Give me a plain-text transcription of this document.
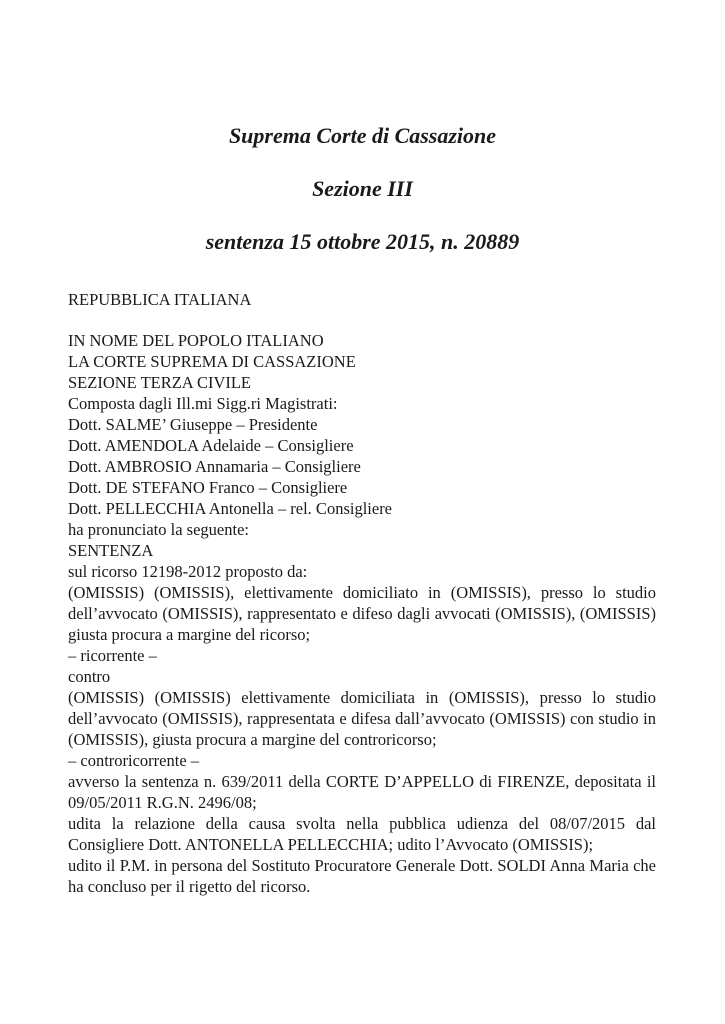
Suprema Corte di Cassazione
Sezione III
sentenza 15 ottobre 2015, n. 20889
REPUBBLICA ITALIANA
IN NOME DEL POPOLO ITALIANO
LA CORTE SUPREMA DI CASSAZIONE
SEZIONE TERZA CIVILE
Composta dagli Ill.mi Sigg.ri Magistrati:
Dott. SALME’ Giuseppe – Presidente
Dott. AMENDOLA Adelaide – Consigliere
Dott. AMBROSIO Annamaria – Consigliere
Dott. DE STEFANO Franco – Consigliere
Dott. PELLECCHIA Antonella – rel. Consigliere
ha pronunciato la seguente:
SENTENZA
sul ricorso 12198-2012 proposto da:
(OMISSIS) (OMISSIS), elettivamente domiciliato in (OMISSIS), presso lo studio dell’avvocato (OMISSIS), rappresentato e difeso dagli avvocati (OMISSIS), (OMISSIS) giusta procura a margine del ricorso;
– ricorrente –
contro
(OMISSIS) (OMISSIS) elettivamente domiciliata in (OMISSIS), presso lo studio dell’avvocato (OMISSIS), rappresentata e difesa dall’avvocato (OMISSIS) con studio in (OMISSIS), giusta procura a margine del controricorso;
– controricorrente –
avverso la sentenza n. 639/2011 della CORTE D’APPELLO di FIRENZE, depositata il 09/05/2011 R.G.N. 2496/08;
udita la relazione della causa svolta nella pubblica udienza del 08/07/2015 dal Consigliere Dott. ANTONELLA PELLECCHIA; udito l’Avvocato (OMISSIS);
udito il P.M. in persona del Sostituto Procuratore Generale Dott. SOLDI Anna Maria che ha concluso per il rigetto del ricorso.
